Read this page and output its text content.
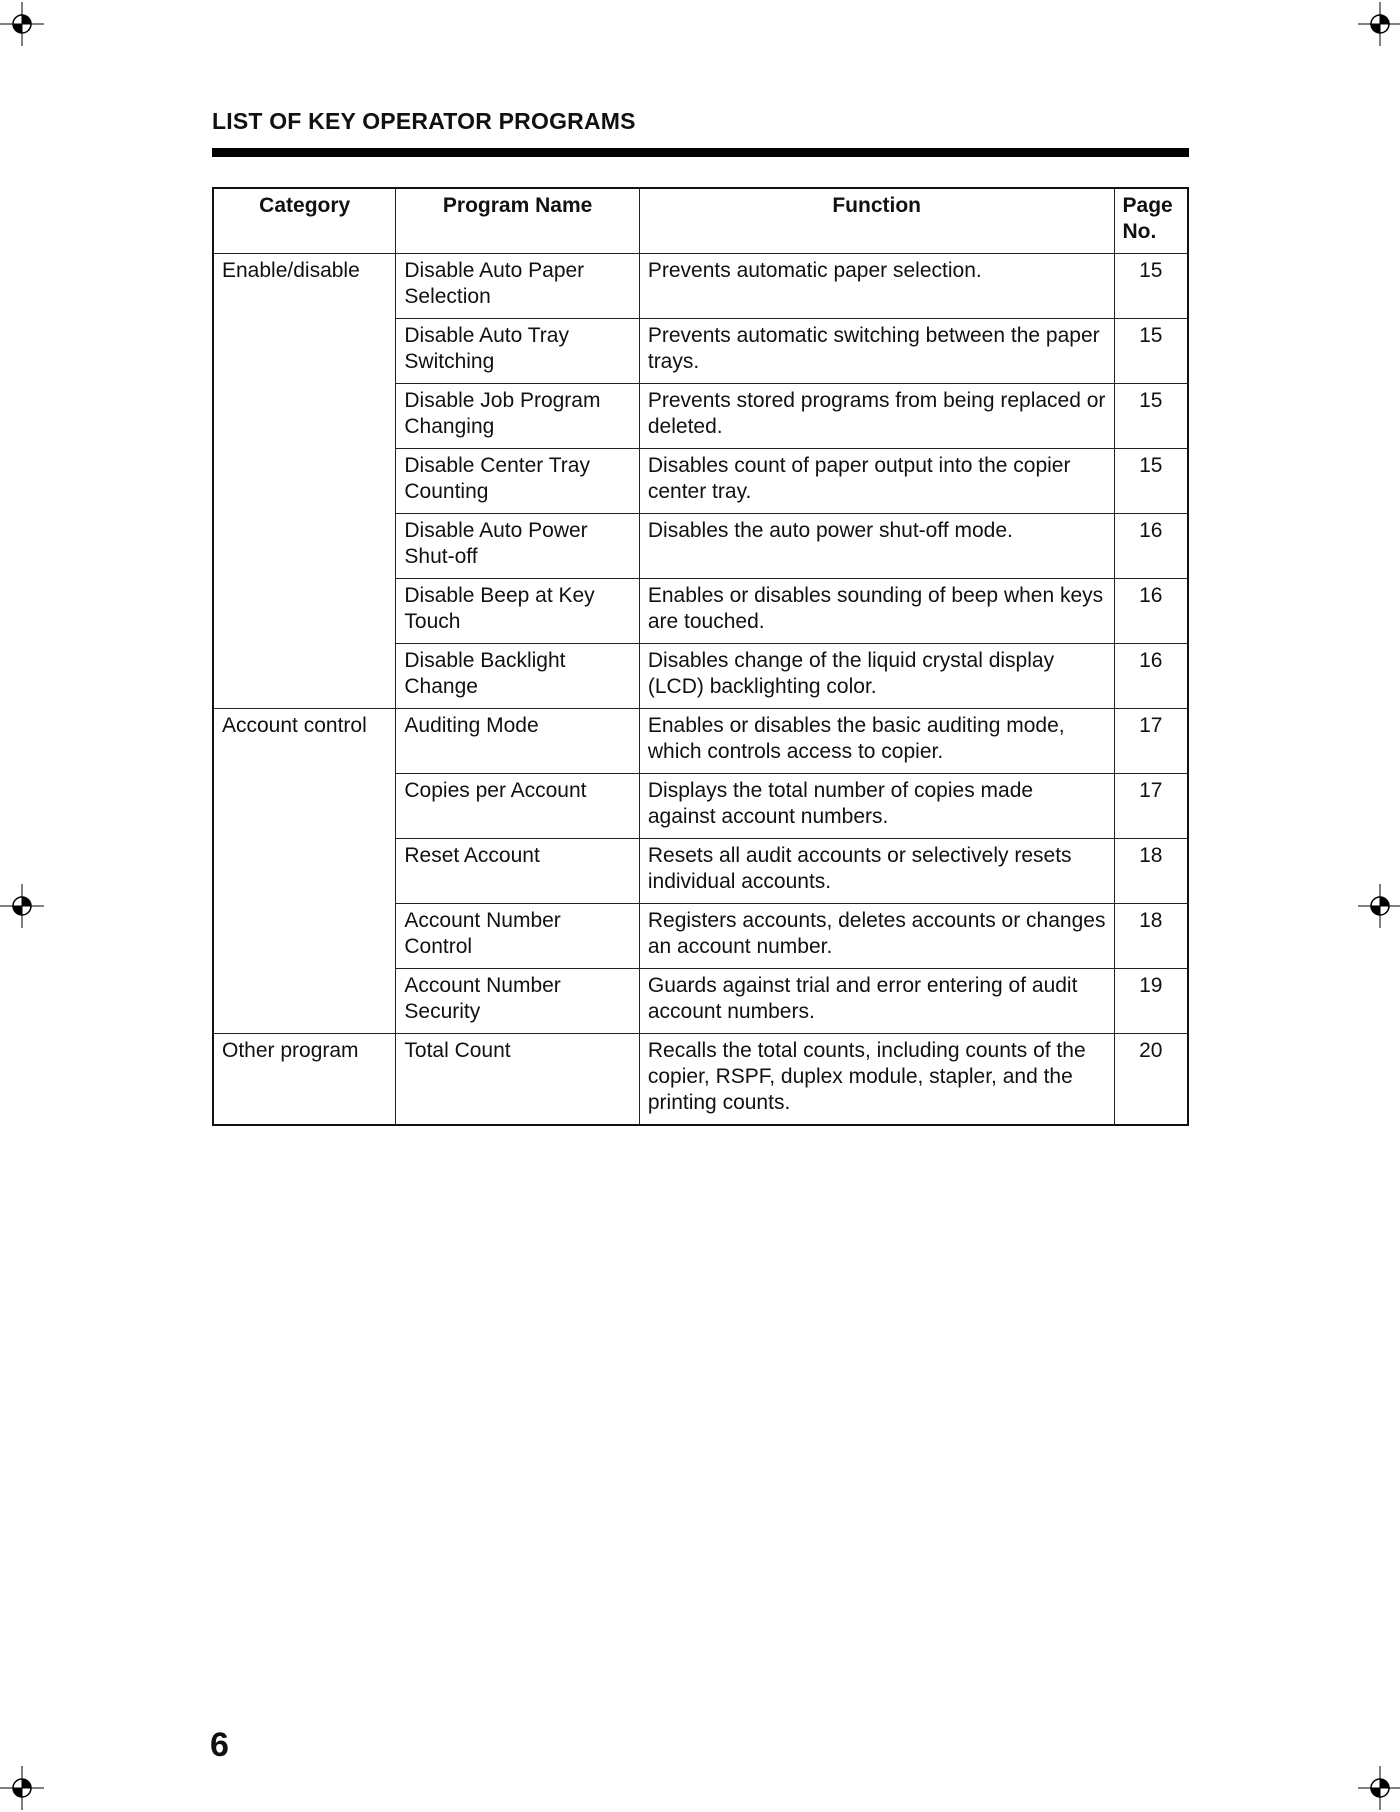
LIST OF KEY OPERATOR PROGRAMS
Category	Program Name	Function	Page No.
Enable/disable	Disable Auto Paper Selection	Prevents automatic paper selection.	15
	Disable Auto Tray Switching	Prevents automatic switching between the paper trays.	15
	Disable Job Program Changing	Prevents stored programs from being replaced or deleted.	15
	Disable Center Tray Counting	Disables count of paper output into the copier center tray.	15
	Disable Auto Power Shut-off	Disables the auto power shut-off mode.	16
	Disable Beep at Key Touch	Enables or disables sounding of beep when keys are touched.	16
	Disable Backlight Change	Disables change of the liquid crystal display (LCD) backlighting color.	16
Account control	Auditing Mode	Enables or disables the basic auditing mode, which controls access to copier.	17
	Copies per Account	Displays the total number of copies made against account numbers.	17
	Reset Account	Resets all audit accounts or selectively resets individual accounts.	18
	Account Number Control	Registers accounts, deletes accounts or changes an account number.	18
	Account Number Security	Guards against trial and error entering of audit account numbers.	19
Other program	Total Count	Recalls the total counts, including counts of the copier, RSPF, duplex module, stapler, and the printing counts.	20
6
